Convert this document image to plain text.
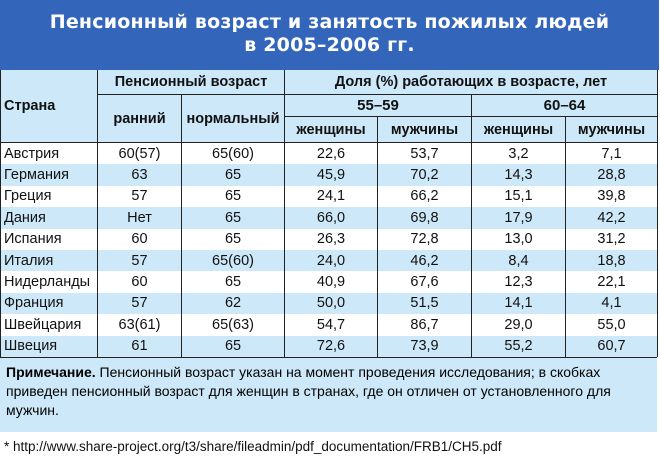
Пенсионный возраст и занятость пожилых людей
в 2005–2006 гг.
Страна	Пенсионный возраст		Доля (%) работающих в возрасте, лет			
	ранний	нормальный	55–59		60–64	
			женщины	мужчины	женщины	мужчины
Австрия	60(57)	65(60)	22,6	53,7	3,2	7,1
Германия	63	65	45,9	70,2	14,3	28,8
Греция	57	65	24,1	66,2	15,1	39,8
Дания	Нет	65	66,0	69,8	17,9	42,2
Испания	60	65	26,3	72,8	13,0	31,2
Италия	57	65(60)	24,0	46,2	8,4	18,8
Нидерланды	60	65	40,9	67,6	12,3	22,1
Франция	57	62	50,0	51,5	14,1	4,1
Швейцария	63(61)	65(63)	54,7	86,7	29,0	55,0
Швеция	61	65	72,6	73,9	55,2	60,7
Примечание. Пенсионный возраст указан на момент проведения исследования; в скобках приведен пенсионный возраст для женщин в странах, где он отличен от установленного для мужчин.
* http://www.share-project.org/t3/share/fileadmin/pdf_documentation/FRB1/CH5.pdf
